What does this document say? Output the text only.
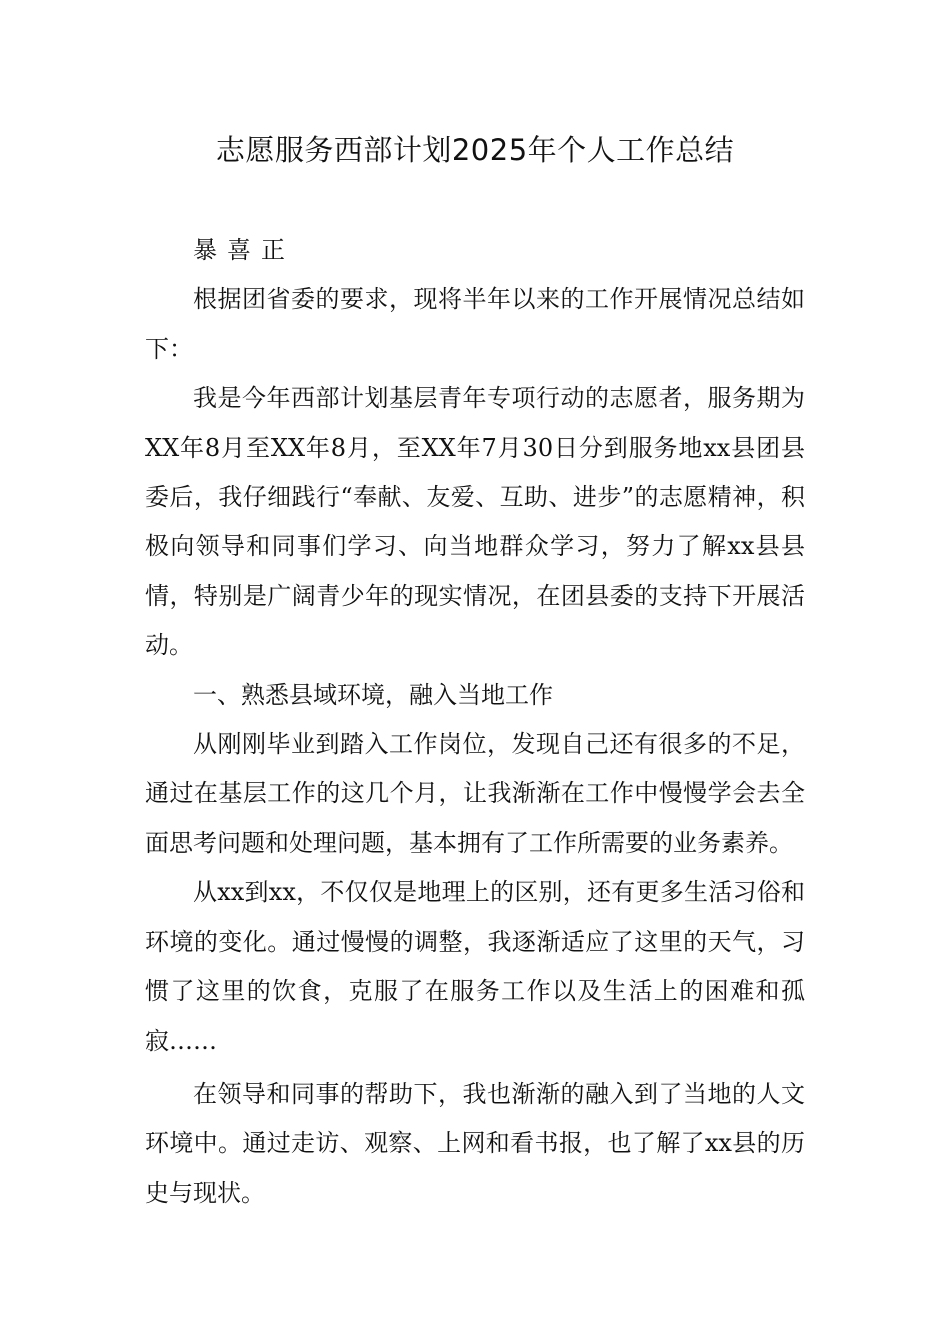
志愿服务西部计划2025年个人工作总结

暴喜正

根据团省委的要求，现将半年以来的工作开展情况总结如下：

我是今年西部计划基层青年专项行动的志愿者，服务期为XX年8月至XX年8月，至XX年7月30日分到服务地xx县团县委后，我仔细践行“奉献、友爱、互助、进步”的志愿精神，积极向领导和同事们学习、向当地群众学习，努力了解xx县县情，特别是广阔青少年的现实情况，在团县委的支持下开展活动。

一、熟悉县域环境，融入当地工作

从刚刚毕业到踏入工作岗位，发现自己还有很多的不足，通过在基层工作的这几个月，让我渐渐在工作中慢慢学会去全面思考问题和处理问题，基本拥有了工作所需要的业务素养。

从xx到xx，不仅仅是地理上的区别，还有更多生活习俗和环境的变化。通过慢慢的调整，我逐渐适应了这里的天气，习惯了这里的饮食，克服了在服务工作以及生活上的困难和孤寂……

在领导和同事的帮助下，我也渐渐的融入到了当地的人文环境中。通过走访、观察、上网和看书报，也了解了xx县的历史与现状。
